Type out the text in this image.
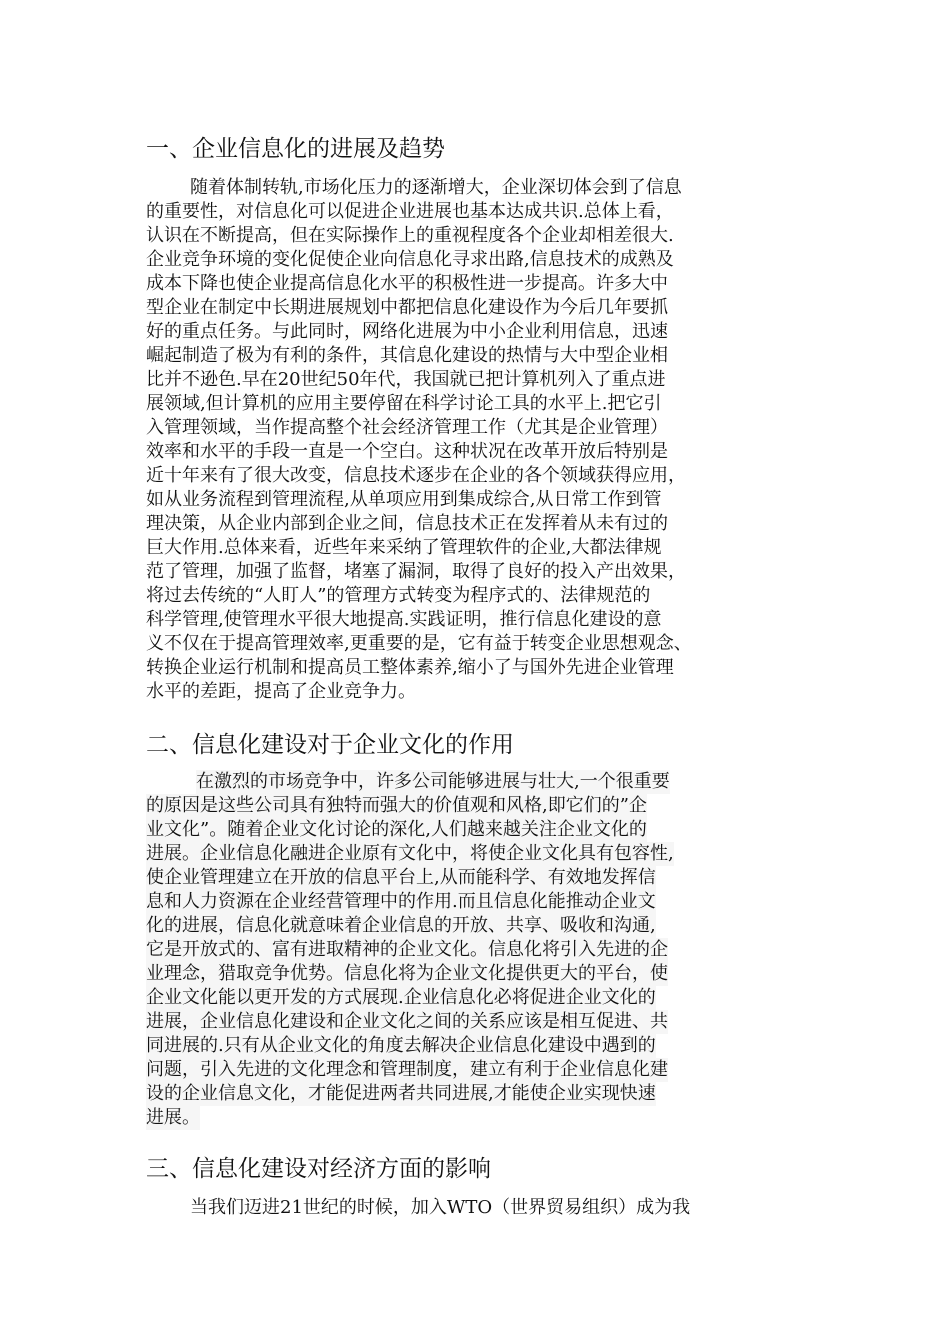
一、企业信息化的进展及趋势
随着体制转轨,市场化压力的逐渐增大，企业深切体会到了信息
的重要性，对信息化可以促进企业进展也基本达成共识.总体上看，
认识在不断提高，但在实际操作上的重视程度各个企业却相差很大.
企业竞争环境的变化促使企业向信息化寻求出路,信息技术的成熟及
成本下降也使企业提高信息化水平的积极性进一步提高。许多大中
型企业在制定中长期进展规划中都把信息化建设作为今后几年要抓
好的重点任务。与此同时，网络化进展为中小企业利用信息，迅速
崛起制造了极为有利的条件，其信息化建设的热情与大中型企业相
比并不逊色.早在20世纪50年代，我国就已把计算机列入了重点进
展领域,但计算机的应用主要停留在科学讨论工具的水平上.把它引
入管理领域，当作提高整个社会经济管理工作（尤其是企业管理）
效率和水平的手段一直是一个空白。这种状况在改革开放后特别是
近十年来有了很大改变，信息技术逐步在企业的各个领域获得应用，
如从业务流程到管理流程,从单项应用到集成综合,从日常工作到管
理决策，从企业内部到企业之间，信息技术正在发挥着从未有过的
巨大作用.总体来看，近些年来采纳了管理软件的企业,大都法律规
范了管理，加强了监督，堵塞了漏洞，取得了良好的投入产出效果，
将过去传统的“人盯人”的管理方式转变为程序式的、法律规范的
科学管理,使管理水平很大地提高.实践证明，推行信息化建设的意
义不仅在于提高管理效率,更重要的是，它有益于转变企业思想观念、
转换企业运行机制和提高员工整体素养,缩小了与国外先进企业管理
水平的差距，提高了企业竞争力。
二、信息化建设对于企业文化的作用
在激烈的市场竞争中，许多公司能够进展与壮大,一个很重要
的原因是这些公司具有独特而强大的价值观和风格,即它们的”企
业文化”。随着企业文化讨论的深化,人们越来越关注企业文化的
进展。企业信息化融进企业原有文化中，将使企业文化具有包容性,
使企业管理建立在开放的信息平台上,从而能科学、有效地发挥信
息和人力资源在企业经营管理中的作用.而且信息化能推动企业文
化的进展，信息化就意味着企业信息的开放、共享、吸收和沟通,
它是开放式的、富有进取精神的企业文化。信息化将引入先进的企
业理念，猎取竞争优势。信息化将为企业文化提供更大的平台，使
企业文化能以更开发的方式展现.企业信息化必将促进企业文化的
进展，企业信息化建设和企业文化之间的关系应该是相互促进、共
同进展的.只有从企业文化的角度去解决企业信息化建设中遇到的
问题，引入先进的文化理念和管理制度，建立有利于企业信息化建
设的企业信息文化，才能促进两者共同进展,才能使企业实现快速
进展。
三、信息化建设对经济方面的影响
当我们迈进21世纪的时候，加入WTO（世界贸易组织）成为我
